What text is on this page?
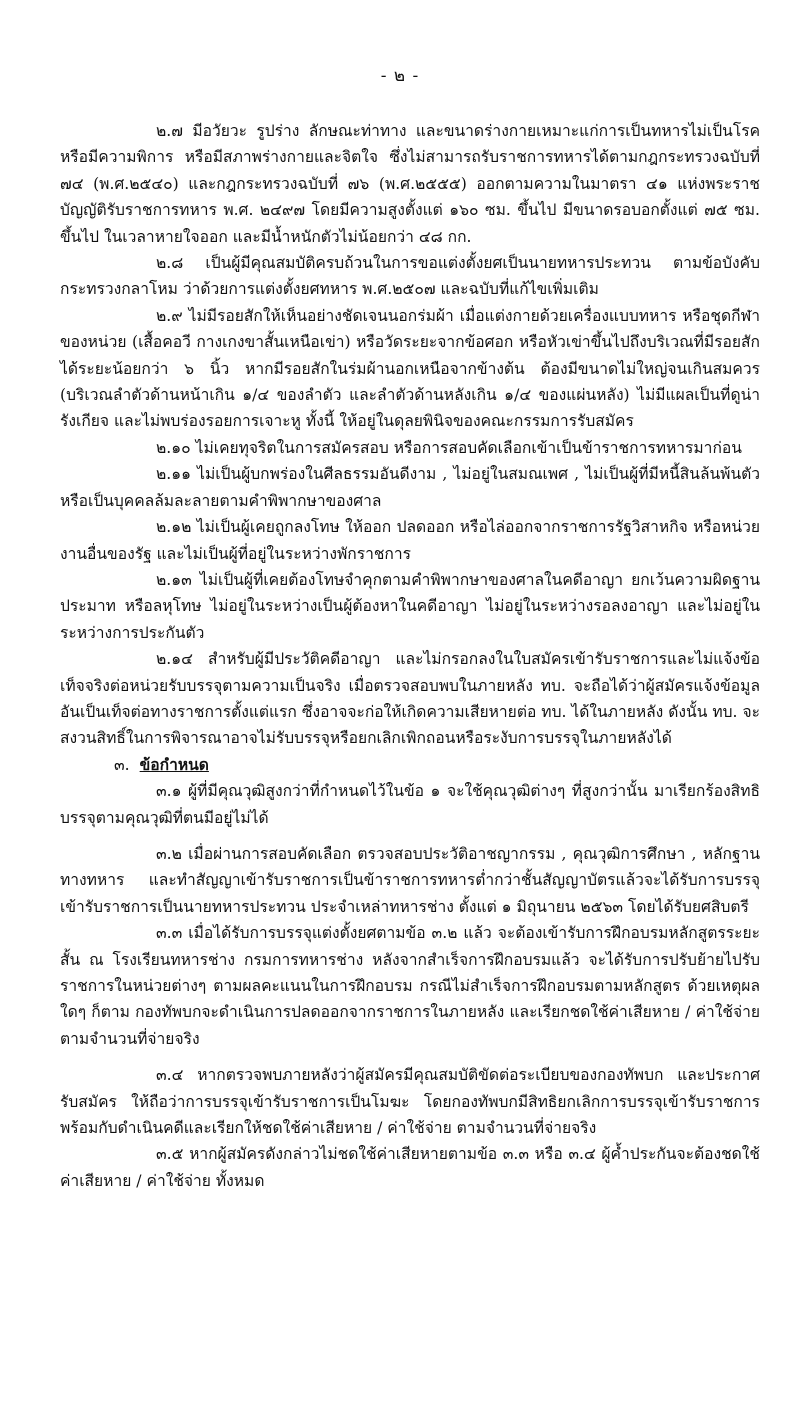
- ๒ -

๒.๗ มีอวัยวะ รูปร่าง ลักษณะท่าทาง และขนาดร่างกายเหมาะแก่การเป็นทหารไม่เป็นโรคหรือมีความพิการ หรือมีสภาพร่างกายและจิตใจ ซึ่งไม่สามารถรับราชการทหารได้ตามกฎกระทรวงฉบับที่ ๗๔ (พ.ศ.๒๕๔๐) และกฎกระทรวงฉบับที่ ๗๖ (พ.ศ.๒๕๕๕) ออกตามความในมาตรา ๔๑ แห่งพระราชบัญญัติรับราชการทหาร พ.ศ. ๒๔๙๗ โดยมีความสูงตั้งแต่ ๑๖๐ ซม. ขึ้นไป มีขนาดรอบอกตั้งแต่ ๗๕ ซม. ขึ้นไป ในเวลาหายใจออก และมีน้ำหนักตัวไม่น้อยกว่า ๔๘ กก.

๒.๘ เป็นผู้มีคุณสมบัติครบถ้วนในการขอแต่งตั้งยศเป็นนายทหารประทวน ตามข้อบังคับกระทรวงกลาโหม ว่าด้วยการแต่งตั้งยศทหาร พ.ศ.๒๕๐๗ และฉบับที่แก้ไขเพิ่มเติม

๒.๙ ไม่มีรอยสักให้เห็นอย่างชัดเจนนอกร่มผ้า เมื่อแต่งกายด้วยเครื่องแบบทหาร หรือชุดกีฬาของหน่วย (เสื้อคอวี กางเกงขาสั้นเหนือเข่า) หรือวัดระยะจากข้อศอก หรือหัวเข่าขึ้นไปถึงบริเวณที่มีรอยสักได้ระยะน้อยกว่า ๖ นิ้ว หากมีรอยสักในร่มผ้านอกเหนือจากข้างต้น ต้องมีขนาดไม่ใหญ่จนเกินสมควร (บริเวณลำตัวด้านหน้าเกิน ๑/๔ ของลำตัว และลำตัวด้านหลังเกิน ๑/๔ ของแผ่นหลัง) ไม่มีแผลเป็นที่ดูน่ารังเกียจ และไม่พบร่องรอยการเจาะหู ทั้งนี้ ให้อยู่ในดุลยพินิจของคณะกรรมการรับสมัคร

๒.๑๐ ไม่เคยทุจริตในการสมัครสอบ หรือการสอบคัดเลือกเข้าเป็นข้าราชการทหารมาก่อน

๒.๑๑ ไม่เป็นผู้บกพร่องในศีลธรรมอันดีงาม , ไม่อยู่ในสมณเพศ , ไม่เป็นผู้ที่มีหนี้สินล้นพ้นตัว หรือเป็นบุคคลล้มละลายตามคำพิพากษาของศาล

๒.๑๒ ไม่เป็นผู้เคยถูกลงโทษ ให้ออก ปลดออก หรือไล่ออกจากราชการรัฐวิสาหกิจ หรือหน่วยงานอื่นของรัฐ และไม่เป็นผู้ที่อยู่ในระหว่างพักราชการ

๒.๑๓ ไม่เป็นผู้ที่เคยต้องโทษจำคุกตามคำพิพากษาของศาลในคดีอาญา ยกเว้นความผิดฐานประมาท หรือลหุโทษ ไม่อยู่ในระหว่างเป็นผู้ต้องหาในคดีอาญา ไม่อยู่ในระหว่างรอลงอาญา และไม่อยู่ในระหว่างการประกันตัว

๒.๑๔ สำหรับผู้มีประวัติคดีอาญา และไม่กรอกลงในใบสมัครเข้ารับราชการและไม่แจ้งข้อเท็จจริงต่อหน่วยรับบรรจุตามความเป็นจริง เมื่อตรวจสอบพบในภายหลัง ทบ. จะถือได้ว่าผู้สมัครแจ้งข้อมูลอันเป็นเท็จต่อทางราชการตั้งแต่แรก ซึ่งอาจจะก่อให้เกิดความเสียหายต่อ ทบ. ได้ในภายหลัง ดังนั้น ทบ. จะสงวนสิทธิ์ในการพิจารณาอาจไม่รับบรรจุหรือยกเลิกเพิกถอนหรือระงับการบรรจุในภายหลังได้

๓. ข้อกำหนด

๓.๑ ผู้ที่มีคุณวุฒิสูงกว่าที่กำหนดไว้ในข้อ ๑ จะใช้คุณวุฒิต่างๆ ที่สูงกว่านั้น มาเรียกร้องสิทธิบรรจุตามคุณวุฒิที่ตนมีอยู่ไม่ได้

๓.๒ เมื่อผ่านการสอบคัดเลือก ตรวจสอบประวัติอาชญากรรม , คุณวุฒิการศึกษา , หลักฐานทางทหาร และทำสัญญาเข้ารับราชการเป็นข้าราชการทหารต่ำกว่าชั้นสัญญาบัตรแล้วจะได้รับการบรรจุเข้ารับราชการเป็นนายทหารประทวน ประจำเหล่าทหารช่าง ตั้งแต่ ๑ มิถุนายน ๒๕๖๓ โดยได้รับยศสิบตรี

๓.๓ เมื่อได้รับการบรรจุแต่งตั้งยศตามข้อ ๓.๒ แล้ว จะต้องเข้ารับการฝึกอบรมหลักสูตรระยะสั้น ณ โรงเรียนทหารช่าง กรมการทหารช่าง หลังจากสำเร็จการฝึกอบรมแล้ว จะได้รับการปรับย้ายไปรับราชการในหน่วยต่างๆ ตามผลคะแนนในการฝึกอบรม กรณีไม่สำเร็จการฝึกอบรมตามหลักสูตร ด้วยเหตุผลใดๆ ก็ตาม กองทัพบกจะดำเนินการปลดออกจากราชการในภายหลัง และเรียกชดใช้ค่าเสียหาย / ค่าใช้จ่าย ตามจำนวนที่จ่ายจริง

๓.๔ หากตรวจพบภายหลังว่าผู้สมัครมีคุณสมบัติขัดต่อระเบียบของกองทัพบก และประกาศรับสมัคร ให้ถือว่าการบรรจุเข้ารับราชการเป็นโมฆะ โดยกองทัพบกมีสิทธิยกเลิกการบรรจุเข้ารับราชการพร้อมกับดำเนินคดีและเรียกให้ชดใช้ค่าเสียหาย / ค่าใช้จ่าย ตามจำนวนที่จ่ายจริง

๓.๕ หากผู้สมัครดังกล่าวไม่ชดใช้ค่าเสียหายตามข้อ ๓.๓ หรือ ๓.๔ ผู้ค้ำประกันจะต้องชดใช้ค่าเสียหาย / ค่าใช้จ่าย ทั้งหมด
